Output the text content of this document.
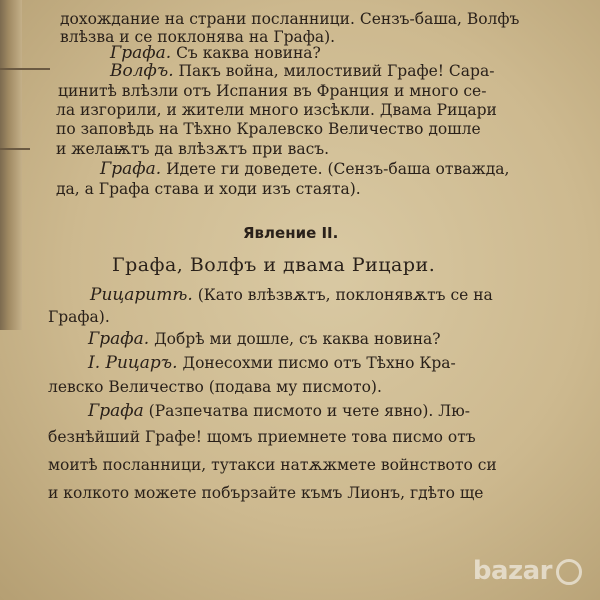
дохождание на страни посланници. Сензъ-баша, Волфъ
влѣзва и се поклонява на Графа).
Графа. Съ каква новина?
Волфъ. Пакъ война, милостивий Графе! Сара-
цинитѣ влѣзли отъ Испания въ Франция и много се-
ла изгорили, и жители много изсѣкли. Двама Рицари
по заповѣдь на Тѣхно Кралевско Величество дошле
и желаѭтъ да влѣзѫтъ при васъ.
Графа. Идете ги доведете. (Сензъ-баша отважда,
да, а Графа става и ходи изъ стаята).
Явление II.
Графа, Волфъ и двама Рицари.
Рицаритѣ. (Като влѣзвѫтъ, поклонявѫтъ се на
Графа).
Графа. Добрѣ ми дошле, съ каква новина?
I. Рицаръ. Донесохми писмо отъ Тѣхно Кра-
левско Величество (подава му писмото).
Графа (Разпечатва писмото и чете явно). Лю-
безнѣйший Графе! щомъ приемнете това писмо отъ
моитѣ посланници, тутакси натѫжмете войнството си
и колкото можете побързайте къмъ Лионъ, гдѣто ще
bazar
